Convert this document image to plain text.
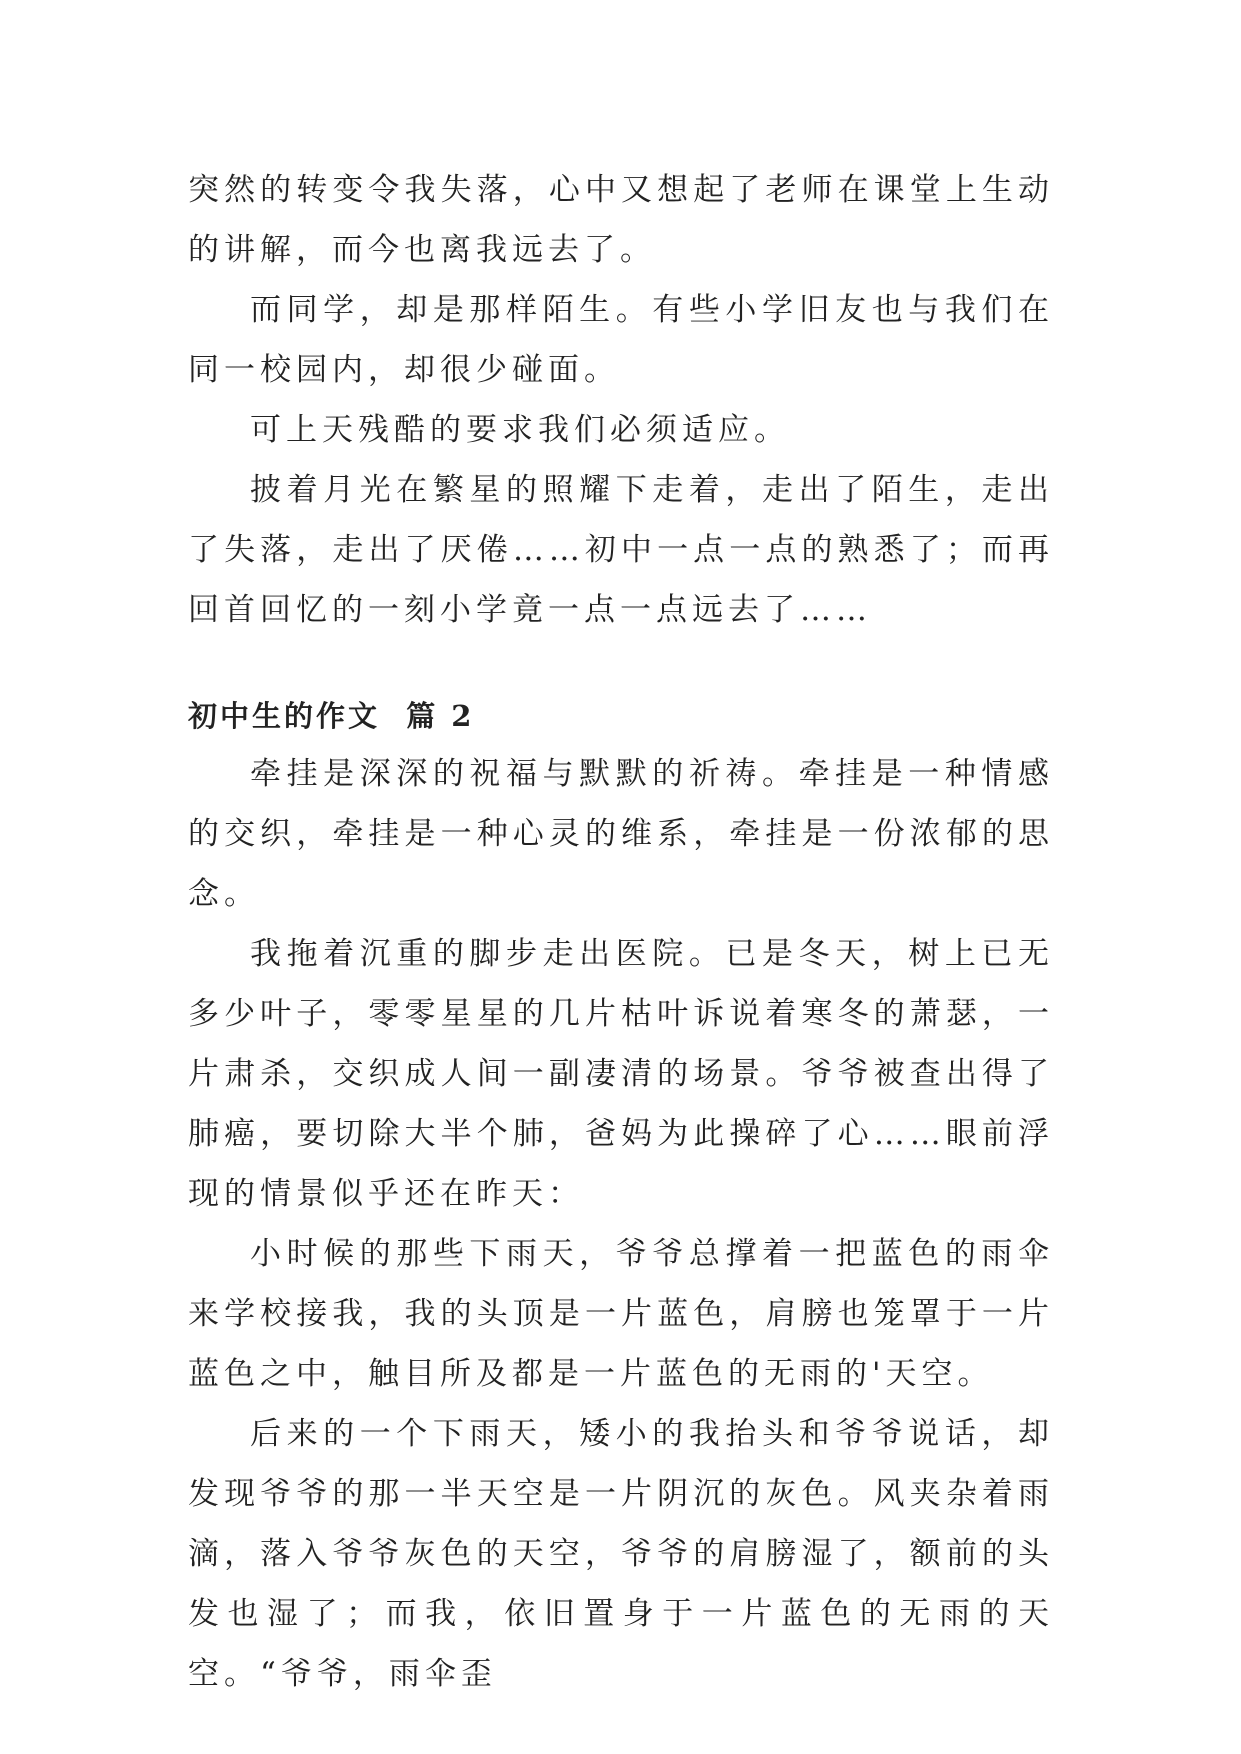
突然的转变令我失落，心中又想起了老师在课堂上生动的讲解，而今也离我远去了。

而同学，却是那样陌生。有些小学旧友也与我们在同一校园内，却很少碰面。

可上天残酷的要求我们必须适应。

披着月光在繁星的照耀下走着，走出了陌生，走出了失落，走出了厌倦……初中一点一点的熟悉了；而再回首回忆的一刻小学竟一点一点远去了……

初中生的作文  篇 2

牵挂是深深的祝福与默默的祈祷。牵挂是一种情感的交织，牵挂是一种心灵的维系，牵挂是一份浓郁的思念。

我拖着沉重的脚步走出医院。已是冬天，树上已无多少叶子，零零星星的几片枯叶诉说着寒冬的萧瑟，一片肃杀，交织成人间一副凄清的场景。爷爷被查出得了肺癌，要切除大半个肺，爸妈为此操碎了心……眼前浮现的情景似乎还在昨天：

小时候的那些下雨天，爷爷总撑着一把蓝色的雨伞来学校接我，我的头顶是一片蓝色，肩膀也笼罩于一片蓝色之中，触目所及都是一片蓝色的无雨的'天空。

后来的一个下雨天，矮小的我抬头和爷爷说话，却发现爷爷的那一半天空是一片阴沉的灰色。风夹杂着雨滴，落入爷爷灰色的天空，爷爷的肩膀湿了，额前的头发也湿了；而我，依旧置身于一片蓝色的无雨的天空。“爷爷，雨伞歪
